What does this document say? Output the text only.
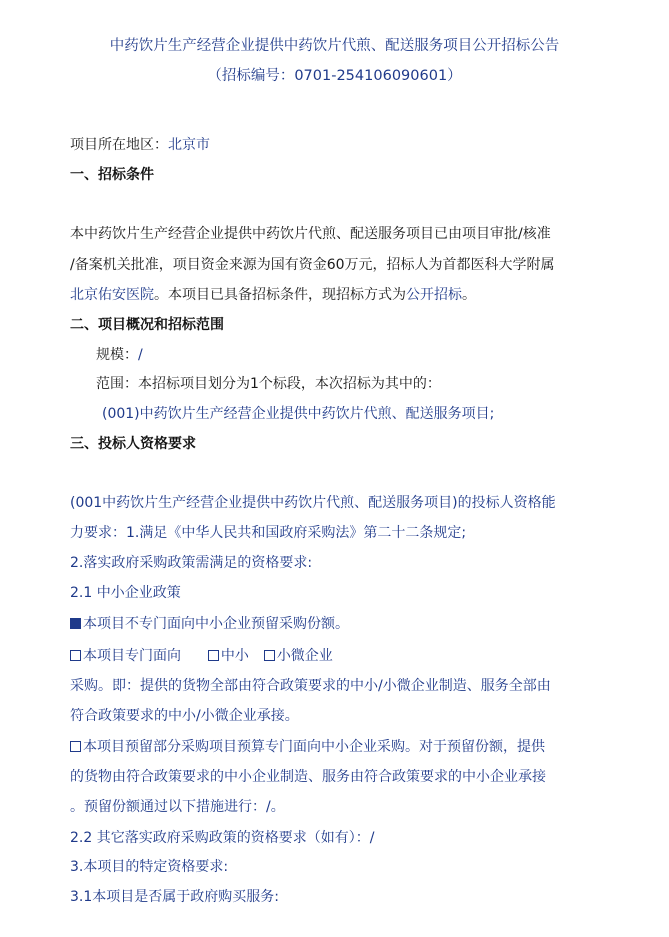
中药饮片生产经营企业提供中药饮片代煎、配送服务项目公开招标公告
（招标编号：0701-254106090601）
项目所在地区：北京市
一、招标条件
本中药饮片生产经营企业提供中药饮片代煎、配送服务项目已由项目审批/核准
/备案机关批准，项目资金来源为国有资金60万元，招标人为首都医科大学附属
北京佑安医院。本项目已具备招标条件，现招标方式为公开招标。
二、项目概况和招标范围
规模：/
范围：本招标项目划分为1个标段，本次招标为其中的：
(001)中药饮片生产经营企业提供中药饮片代煎、配送服务项目;
三、投标人资格要求
(001中药饮片生产经营企业提供中药饮片代煎、配送服务项目)的投标人资格能
力要求：1.满足《中华人民共和国政府采购法》第二十二条规定;
2.落实政府采购政策需满足的资格要求:
2.1 中小企业政策
本项目不专门面向中小企业预留采购份额。
本项目专门面向	中小 小微企业
采购。即：提供的货物全部由符合政策要求的中小/小微企业制造、服务全部由
符合政策要求的中小/小微企业承接。
本项目预留部分采购项目预算专门面向中小企业采购。对于预留份额，提供
的货物由符合政策要求的中小企业制造、服务由符合政策要求的中小企业承接
。预留份额通过以下措施进行：/。
2.2 其它落实政府采购政策的资格要求（如有）：/
3.本项目的特定资格要求:
3.1本项目是否属于政府购买服务:
